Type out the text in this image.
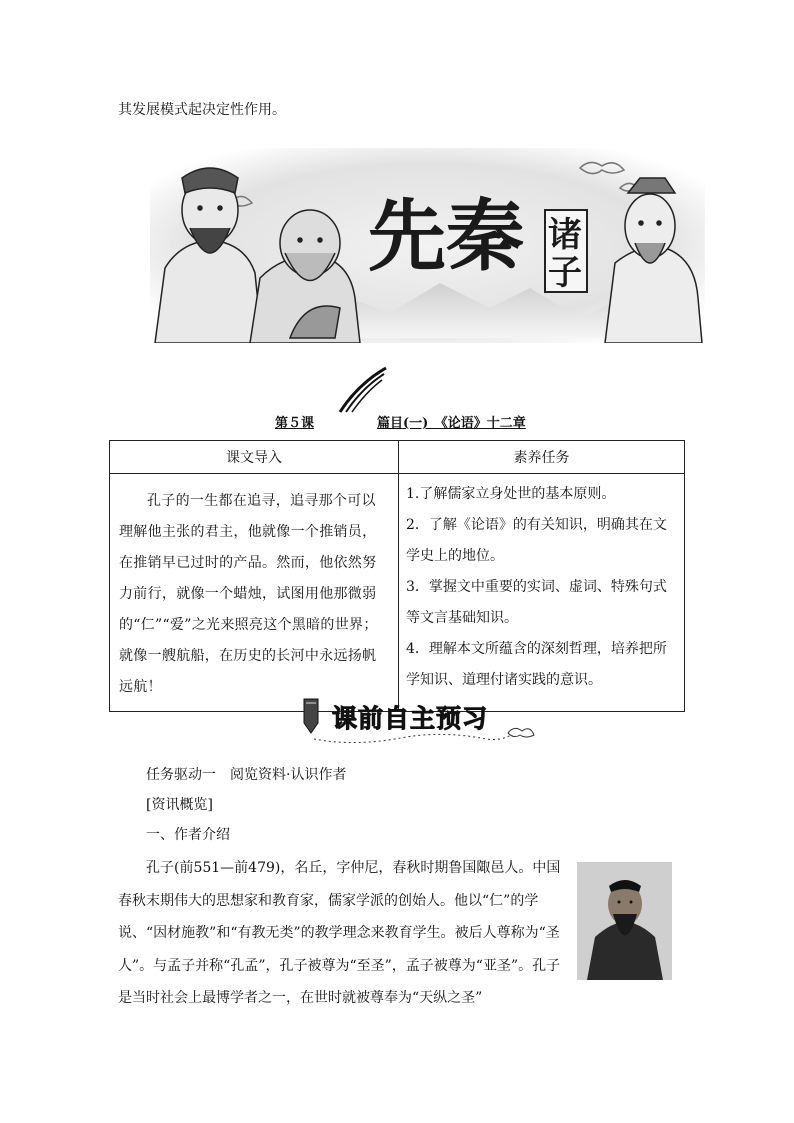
其发展模式起决定性作用。
先秦 诸
子
第５课	篇目(一)　《论语》十二章
课文导入	素养任务

孔子的一生都在追寻，追寻那个可以理解他主张的君主，他就像一个推销员，在推销早已过时的产品。然而，他依然努力前行，就像一个蜡烛，试图用他那微弱的“仁”“爱”之光来照亮这个黑暗的世界；就像一艘航船，在历史的长河中永远扬帆远航！	1.了解儒家立身处世的基本原则。
2．了解《论语》的有关知识，明确其在文学史上的地位。
3．掌握文中重要的实词、虚词、特殊句式等文言基础知识。
4．理解本文所蕴含的深刻哲理，培养把所学知识、道理付诸实践的意识。
课前自主预习
任务驱动一　阅览资料·认识作者
[资讯概览]
一、作者介绍

孔子(前551—前479)，名丘，字仲尼，春秋时期鲁国陬邑人。中国春秋末期伟大的思想家和教育家，儒家学派的创始人。他以“仁”的学说、“因材施教”和“有教无类”的教学理念来教育学生。被后人尊称为“圣人”。与孟子并称“孔孟”，孔子被尊为“至圣”，孟子被尊为“亚圣”。孔子是当时社会上最博学者之一，在世时就被尊奉为“天纵之圣”
